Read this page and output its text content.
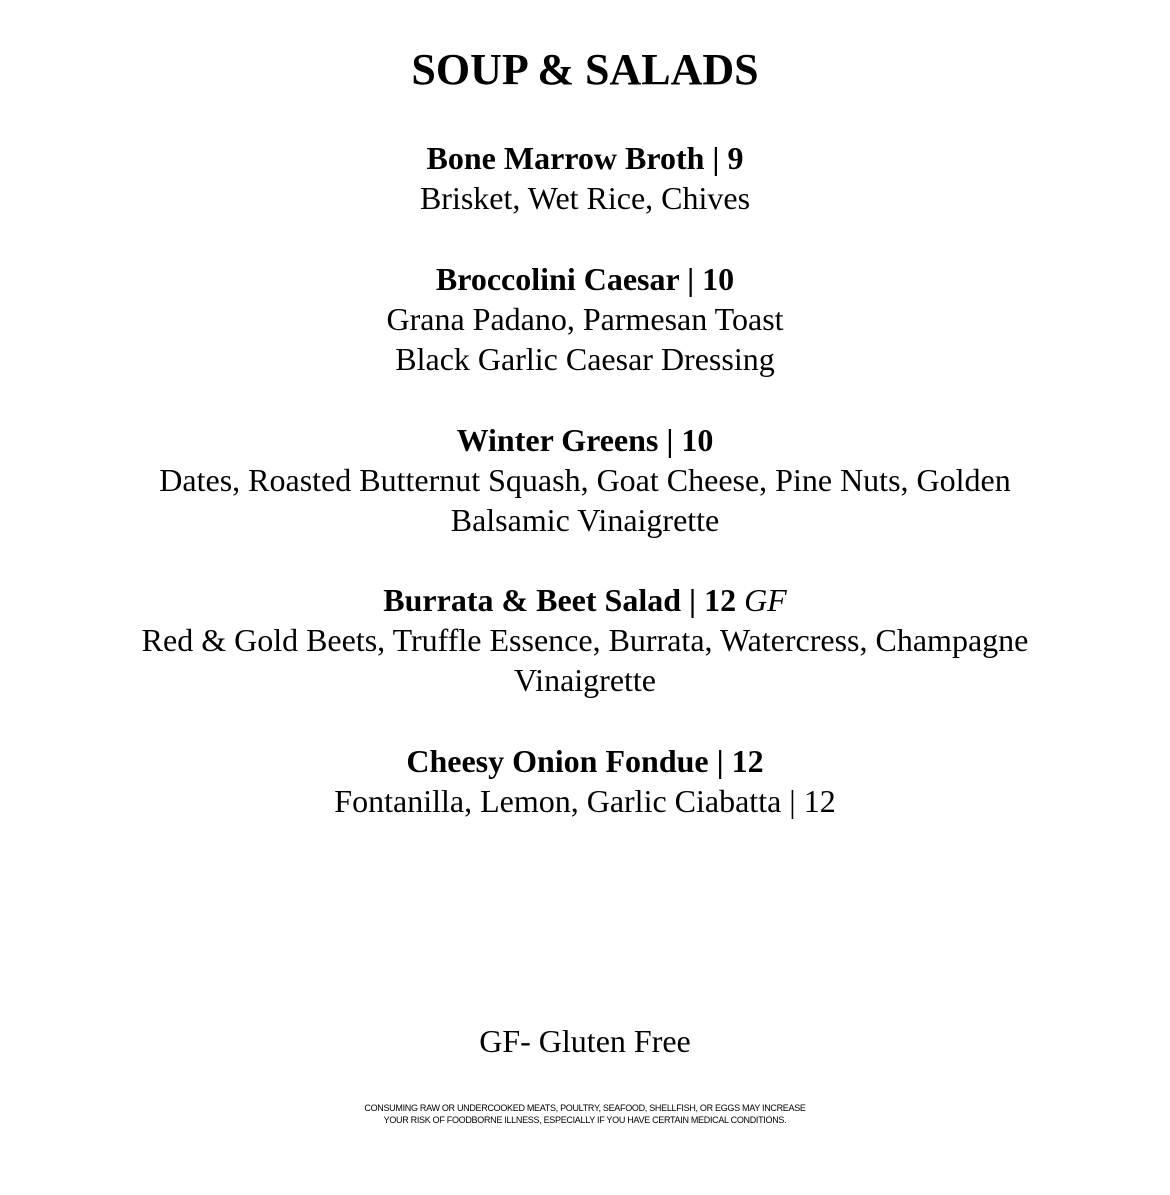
SOUP & SALADS
Bone Marrow Broth | 9
Brisket, Wet Rice, Chives
Broccolini Caesar | 10
Grana Padano, Parmesan Toast
Black Garlic Caesar Dressing
Winter Greens | 10
Dates, Roasted Butternut Squash, Goat Cheese, Pine Nuts, Golden
Balsamic Vinaigrette
Burrata & Beet Salad | 12 GF
Red & Gold Beets, Truffle Essence, Burrata, Watercress, Champagne
Vinaigrette
Cheesy Onion Fondue | 12
Fontanilla, Lemon, Garlic Ciabatta | 12
GF- Gluten Free
CONSUMING RAW OR UNDERCOOKED MEATS, POULTRY, SEAFOOD, SHELLFISH, OR EGGS MAY INCREASE
YOUR RISK OF FOODBORNE ILLNESS, ESPECIALLY IF YOU HAVE CERTAIN MEDICAL CONDITIONS.
